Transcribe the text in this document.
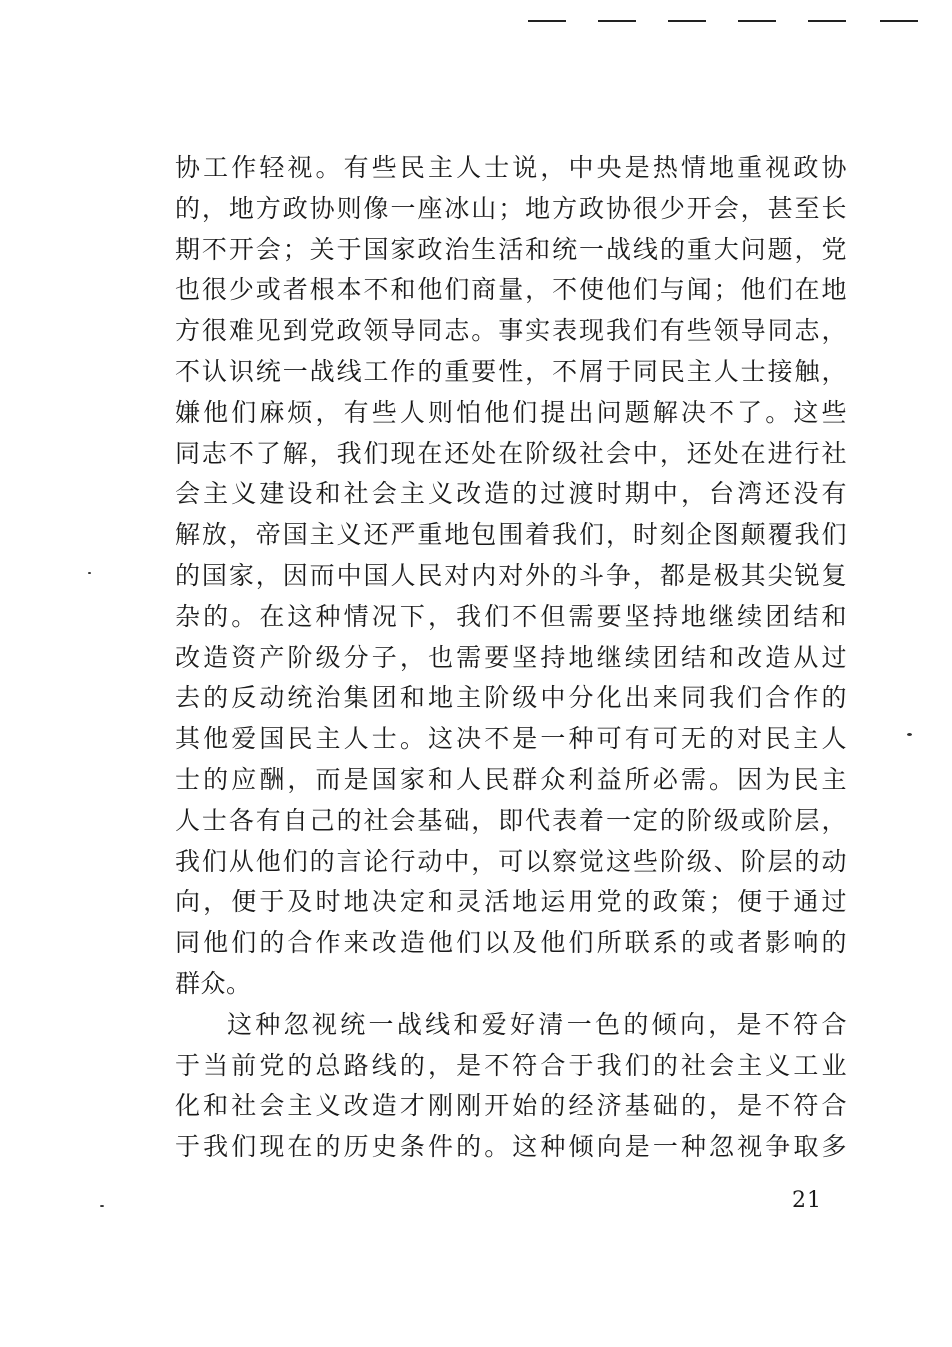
协工作轻视。有些民主人士说，中央是热情地重视政协
的，地方政协则像一座冰山；地方政协很少开会，甚至长
期不开会；关于国家政治生活和统一战线的重大问题，党
也很少或者根本不和他们商量，不使他们与闻；他们在地
方很难见到党政领导同志。事实表现我们有些领导同志，
不认识统一战线工作的重要性，不屑于同民主人士接触，
嫌他们麻烦，有些人则怕他们提出问题解决不了。这些
同志不了解，我们现在还处在阶级社会中，还处在进行社
会主义建设和社会主义改造的过渡时期中，台湾还没有
解放，帝国主义还严重地包围着我们，时刻企图颠覆我们
的国家，因而中国人民对内对外的斗争，都是极其尖锐复
杂的。在这种情况下，我们不但需要坚持地继续团结和
改造资产阶级分子，也需要坚持地继续团结和改造从过
去的反动统治集团和地主阶级中分化出来同我们合作的
其他爱国民主人士。这决不是一种可有可无的对民主人
士的应酬，而是国家和人民群众利益所必需。因为民主
人士各有自己的社会基础，即代表着一定的阶级或阶层，
我们从他们的言论行动中，可以察觉这些阶级、阶层的动
向，便于及时地决定和灵活地运用党的政策；便于通过
同他们的合作来改造他们以及他们所联系的或者影响的
群众。
这种忽视统一战线和爱好清一色的倾向，是不符合
于当前党的总路线的，是不符合于我们的社会主义工业
化和社会主义改造才刚刚开始的经济基础的，是不符合
于我们现在的历史条件的。这种倾向是一种忽视争取多
21
